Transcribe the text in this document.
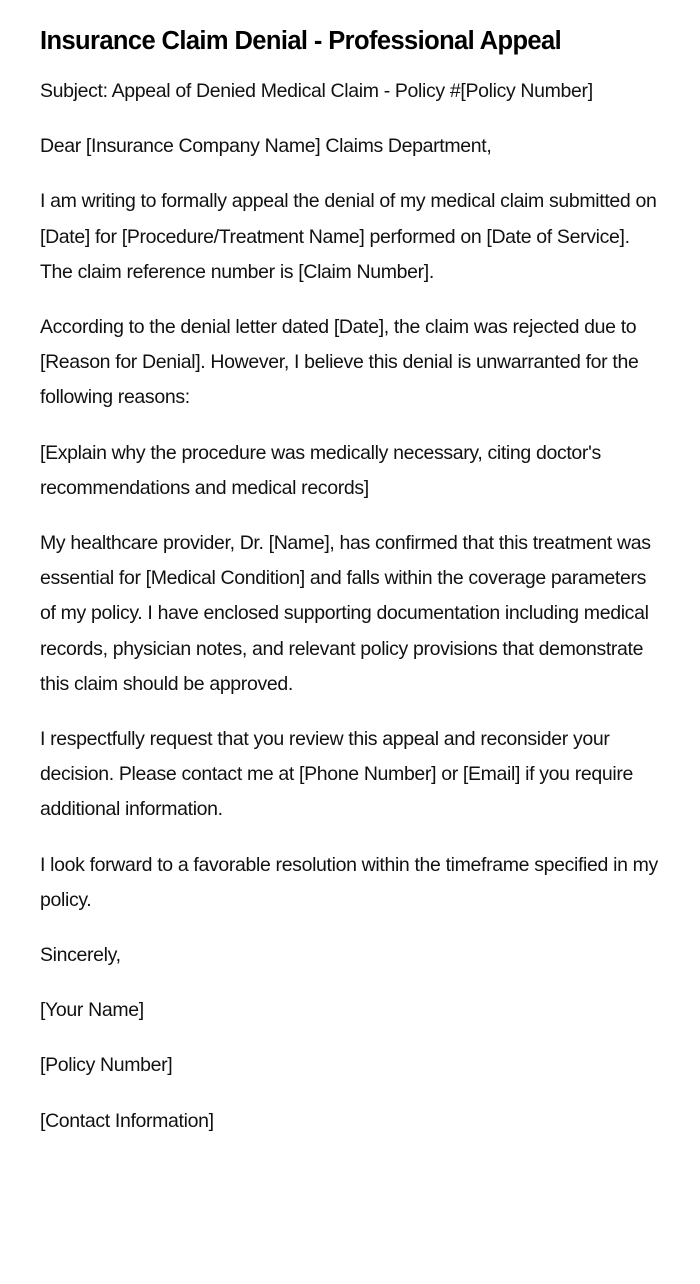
Insurance Claim Denial - Professional Appeal

Subject: Appeal of Denied Medical Claim - Policy #[Policy Number]

Dear [Insurance Company Name] Claims Department,

I am writing to formally appeal the denial of my medical claim submitted on [Date] for [Procedure/Treatment Name] performed on [Date of Service]. The claim reference number is [Claim Number].

According to the denial letter dated [Date], the claim was rejected due to [Reason for Denial]. However, I believe this denial is unwarranted for the following reasons:

[Explain why the procedure was medically necessary, citing doctor's recommendations and medical records]

My healthcare provider, Dr. [Name], has confirmed that this treatment was essential for [Medical Condition] and falls within the coverage parameters of my policy. I have enclosed supporting documentation including medical records, physician notes, and relevant policy provisions that demonstrate this claim should be approved.

I respectfully request that you review this appeal and reconsider your decision. Please contact me at [Phone Number] or [Email] if you require additional information.

I look forward to a favorable resolution within the timeframe specified in my policy.

Sincerely,

[Your Name]

[Policy Number]

[Contact Information]
